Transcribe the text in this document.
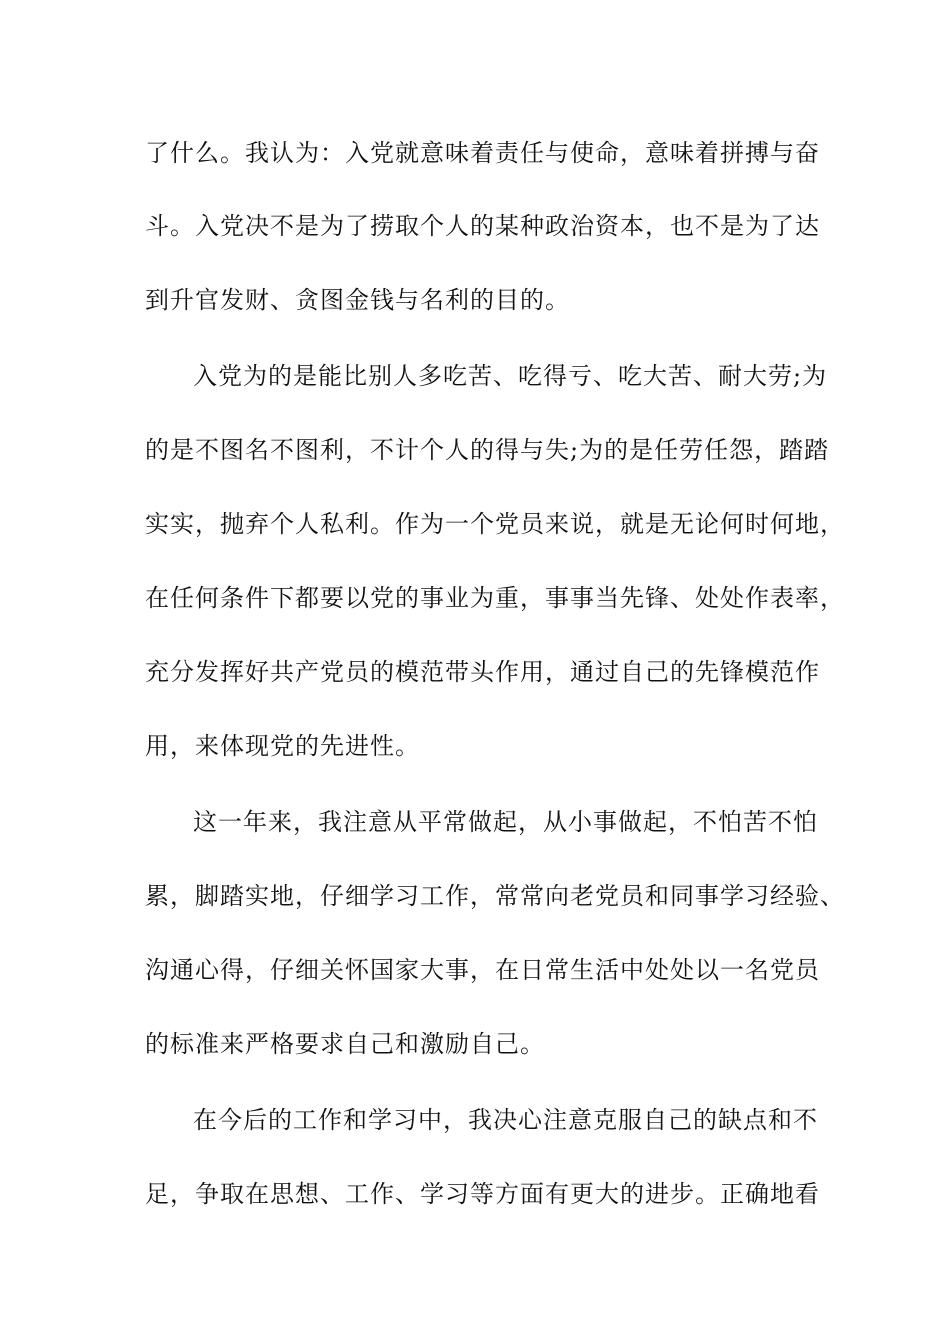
了什么。我认为：入党就意味着责任与使命，意味着拼搏与奋
斗。入党决不是为了捞取个人的某种政治资本，也不是为了达
到升官发财、贪图金钱与名利的目的。
入党为的是能比别人多吃苦、吃得亏、吃大苦、耐大劳;为
的是不图名不图利，不计个人的得与失;为的是任劳任怨，踏踏
实实，抛弃个人私利。作为一个党员来说，就是无论何时何地，
在任何条件下都要以党的事业为重，事事当先锋、处处作表率，
充分发挥好共产党员的模范带头作用，通过自己的先锋模范作
用，来体现党的先进性。
这一年来，我注意从平常做起，从小事做起，不怕苦不怕
累，脚踏实地，仔细学习工作，常常向老党员和同事学习经验、
沟通心得，仔细关怀国家大事，在日常生活中处处以一名党员
的标准来严格要求自己和激励自己。
在今后的工作和学习中，我决心注意克服自己的缺点和不
足，争取在思想、工作、学习等方面有更大的进步。正确地看
